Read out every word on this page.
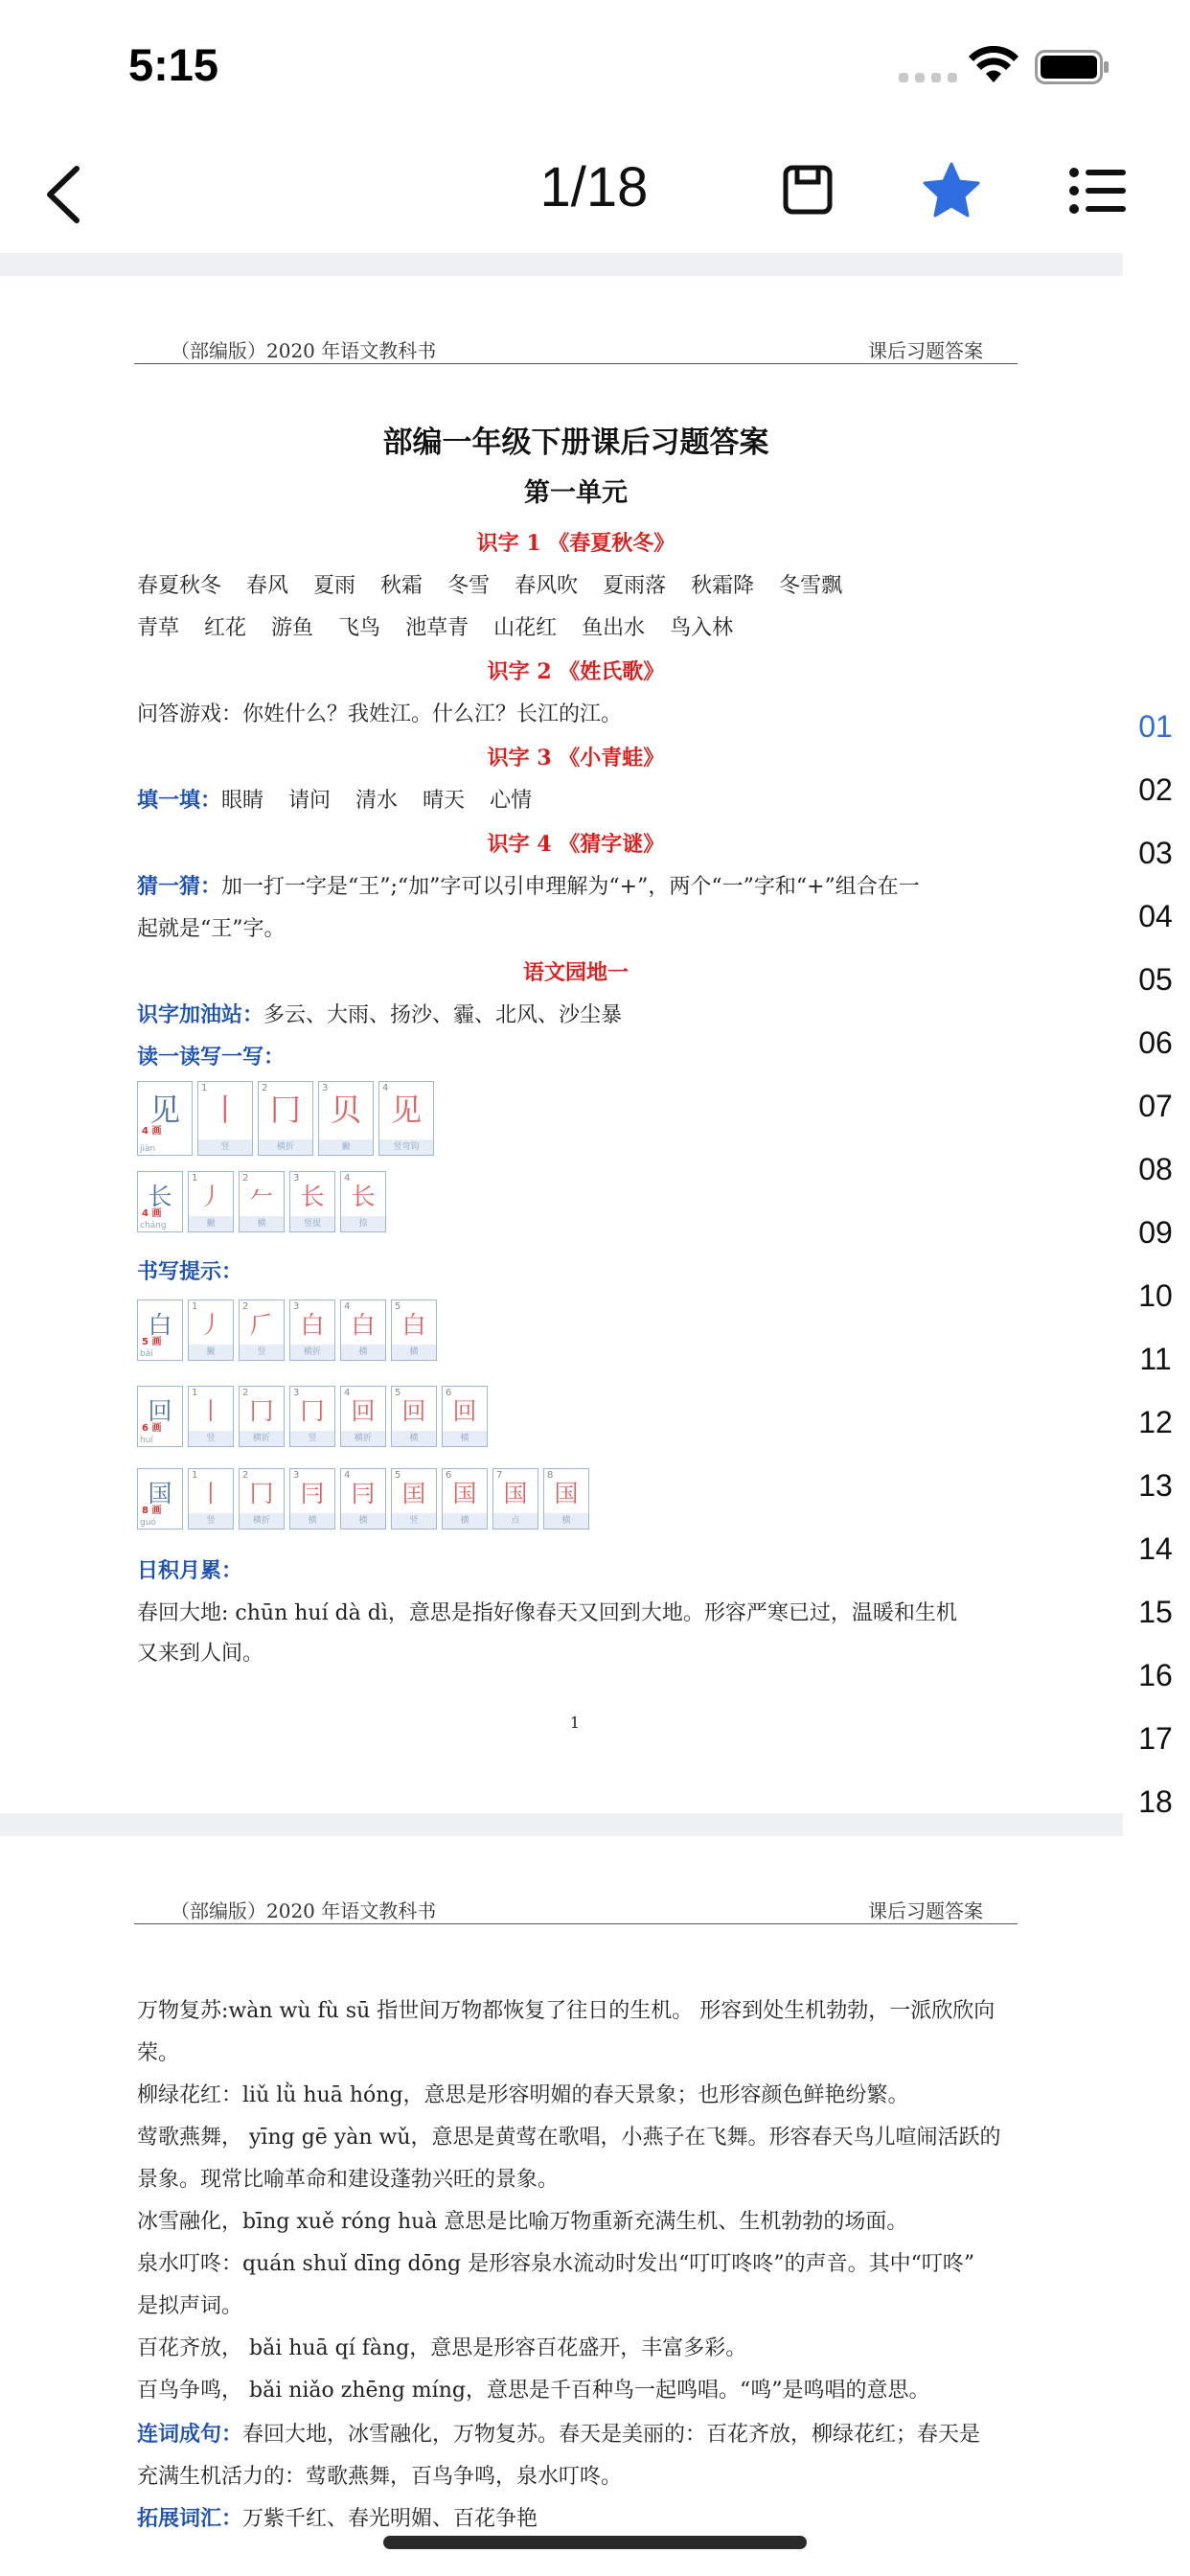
5:15
1/18
（部编版）2020 年语文教科书	课后习题答案
部编一年级下册课后习题答案
第一单元
识字 1 《春夏秋冬》
春夏秋冬 春风 夏雨 秋霜 冬雪 春风吹 夏雨落 秋霜降 冬雪飘
青草 红花 游鱼 飞鸟 池草青 山花红 鱼出水 鸟入林
识字 2 《姓氏歌》
问答游戏：你姓什么？我姓江。什么江？长江的江。
识字 3 《小青蛙》
填一填：眼睛 请问 清水 晴天 心情
识字 4 《猜字谜》
猜一猜：加一打一字是“王”;“加”字可以引申理解为“+”，两个“一”字和“+”组合在一
起就是“王”字。
语文园地一
识字加油站：多云、大雨、扬沙、霾、北风、沙尘暴
读一读写一写：
见
4 画
jiàn
丨
1
竖
冂
2
横折
贝
3
撇
见
4
竖弯钩
长
4 画
cháng
丿
1
撇
𠂉
2
横
长
3
竖提
长
4
捺
书写提示：
白
5 画
bái
丿
1
撇
𠂆
2
竖
白
3
横折
白
4
横
白
5
横
回
6 画
huí
丨
1
竖
冂
2
横折
冂
3
竖
回
4
横折
回
5
横
回
6
横
国
8 画
guó
丨
1
竖
冂
2
横折
冃
3
横
冃
4
横
囯
5
竖
国
6
横
国
7
点
国
8
横
日积月累：
春回大地: chūn huí dà dì，意思是指好像春天又回到大地。形容严寒已过，温暖和生机
又来到人间。
1
（部编版）2020 年语文教科书	课后习题答案
万物复苏:wàn wù fù sū 指世间万物都恢复了往日的生机。 形容到处生机勃勃，一派欣欣向
荣。
柳绿花红：liǔ lǜ huā hóng，意思是形容明媚的春天景象；也形容颜色鲜艳纷繁。
莺歌燕舞， yīng gē yàn wǔ，意思是黄莺在歌唱，小燕子在飞舞。形容春天鸟儿喧闹活跃的
景象。现常比喻革命和建设蓬勃兴旺的景象。
冰雪融化，bīng xuě róng huà 意思是比喻万物重新充满生机、生机勃勃的场面。
泉水叮咚：quán shuǐ dīng dōng 是形容泉水流动时发出“叮叮咚咚”的声音。其中“叮咚”
是拟声词。
百花齐放， bǎi huā qí fàng，意思是形容百花盛开，丰富多彩。
百鸟争鸣， bǎi niǎo zhēng míng，意思是千百种鸟一起鸣唱。“鸣”是鸣唱的意思。
连词成句：春回大地，冰雪融化，万物复苏。春天是美丽的：百花齐放，柳绿花红；春天是
充满生机活力的：莺歌燕舞，百鸟争鸣，泉水叮咚。
拓展词汇：万紫千红、春光明媚、百花争艳
01
02
03
04
05
06
07
08
09
10
11
12
13
14
15
16
17
18
